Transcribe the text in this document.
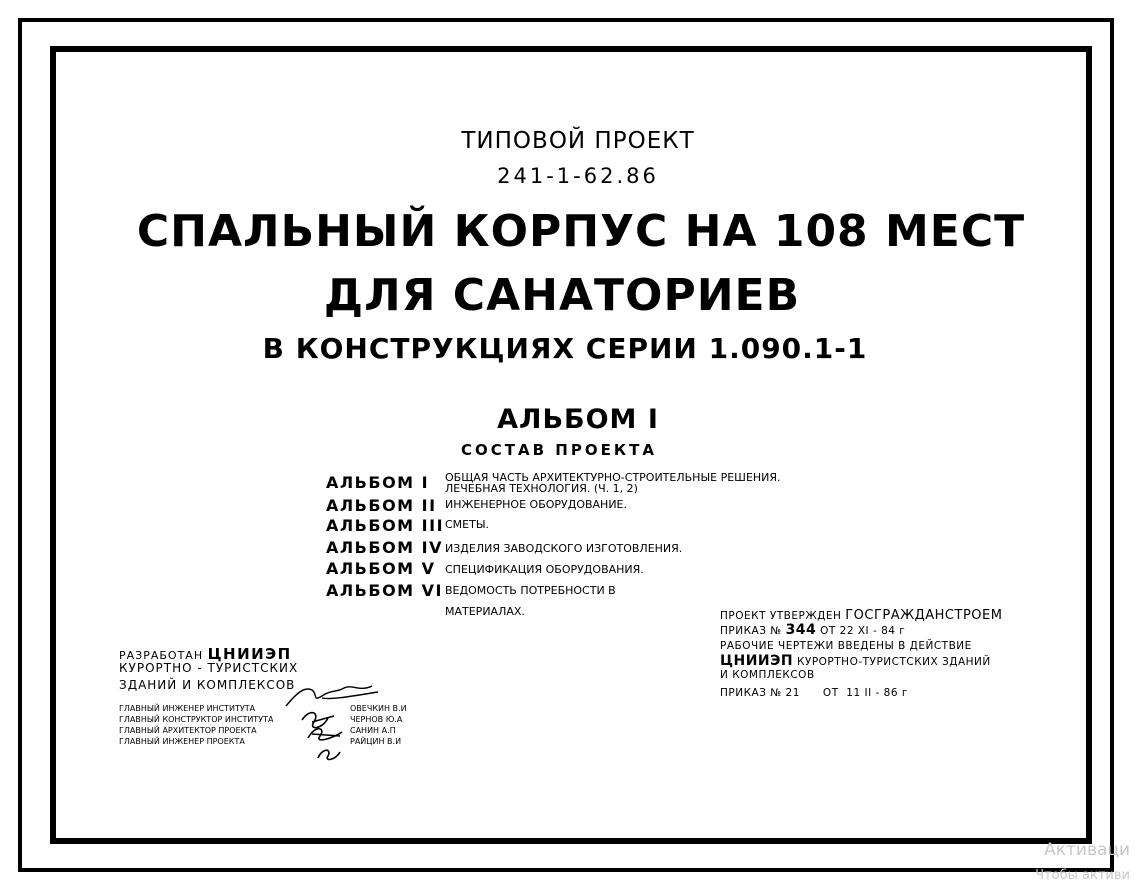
ТИПОВОЙ ПРОЕКТ
241-1-62.86
СПАЛЬНЫЙ КОРПУС НА 108 МЕСТ
ДЛЯ САНАТОРИЕВ
В КОНСТРУКЦИЯХ СЕРИИ 1.090.1-1
АЛЬБОМ I
СОСТАВ ПРОЕКТА
АЛЬБОМ I ОБЩАЯ ЧАСТЬ АРХИТЕКТУРНО-СТРОИТЕЛЬНЫЕ РЕШЕНИЯ.
ЛЕЧЕБНАЯ ТЕХНОЛОГИЯ. (Ч. 1, 2)
АЛЬБОМ II ИНЖЕНЕРНОЕ ОБОРУДОВАНИЕ.
АЛЬБОМ III СМЕТЫ.
АЛЬБОМ IV ИЗДЕЛИЯ ЗАВОДСКОГО ИЗГОТОВЛЕНИЯ.
АЛЬБОМ V СПЕЦИФИКАЦИЯ ОБОРУДОВАНИЯ.
АЛЬБОМ VI ВЕДОМОСТЬ ПОТРЕБНОСТИ В
МАТЕРИАЛАХ.
РАЗРАБОТАН ЦНИИЭП
КУРОРТНО - ТУРИСТСКИХ
ЗДАНИЙ И КОМПЛЕКСОВ
ГЛАВНЫЙ ИНЖЕНЕР ИНСТИТУТА	ОВЕЧКИН В.И
ГЛАВНЫЙ КОНСТРУКТОР ИНСТИТУТА	ЧЕРНОВ Ю.А
ГЛАВНЫЙ АРХИТЕКТОР ПРОЕКТА	САНИН А.П
ГЛАВНЫЙ ИНЖЕНЕР ПРОЕКТА	РАЙЦИН В.И
ПРОЕКТ УТВЕРЖДЕН ГОСГРАЖДАНСТРОЕМ
ПРИКАЗ № 344 ОТ 22 XI - 84 г
РАБОЧИЕ ЧЕРТЕЖИ ВВЕДЕНЫ В ДЕЙСТВИЕ
ЦНИИЭП КУРОРТНО-ТУРИСТСКИХ ЗДАНИЙ
И КОМПЛЕКСОВ
ПРИКАЗ № 21      ОТ  11 II - 86 г
Активаци
Чтобы активи
